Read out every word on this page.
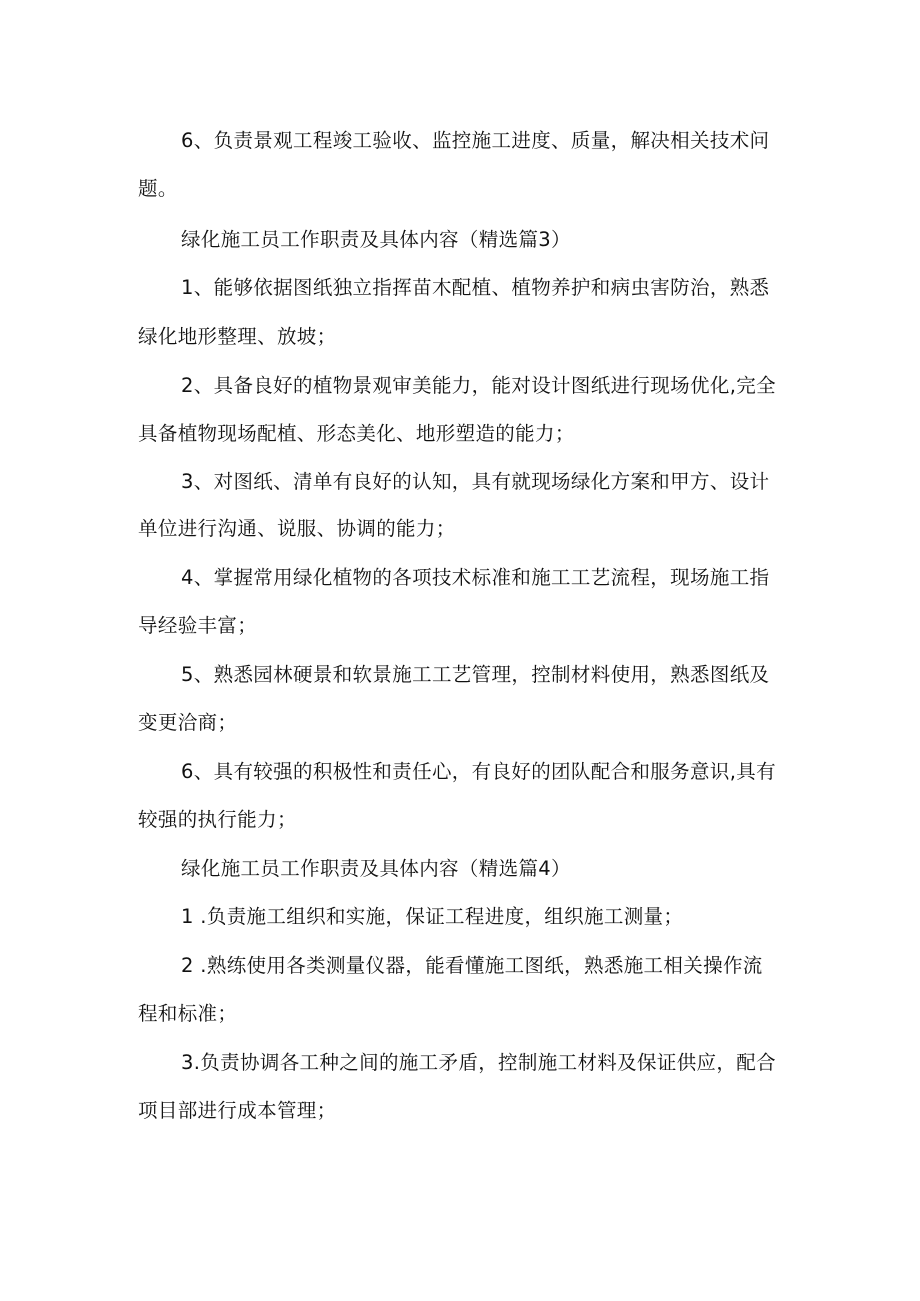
6、负责景观工程竣工验收、监控施工进度、质量，解决相关技术问
题。
绿化施工员工作职责及具体内容（精选篇3）
1、能够依据图纸独立指挥苗木配植、植物养护和病虫害防治，熟悉
绿化地形整理、放坡；
2、具备良好的植物景观审美能力，能对设计图纸进行现场优化,完全
具备植物现场配植、形态美化、地形塑造的能力；
3、对图纸、清单有良好的认知，具有就现场绿化方案和甲方、设计
单位进行沟通、说服、协调的能力；
4、掌握常用绿化植物的各项技术标准和施工工艺流程，现场施工指
导经验丰富；
5、熟悉园林硬景和软景施工工艺管理，控制材料使用，熟悉图纸及
变更洽商；
6、具有较强的积极性和责任心，有良好的团队配合和服务意识,具有
较强的执行能力；
绿化施工员工作职责及具体内容（精选篇4）
1 .负责施工组织和实施，保证工程进度，组织施工测量；
2 .熟练使用各类测量仪器，能看懂施工图纸，熟悉施工相关操作流
程和标准；
3.负责协调各工种之间的施工矛盾，控制施工材料及保证供应，配合
项目部进行成本管理；
